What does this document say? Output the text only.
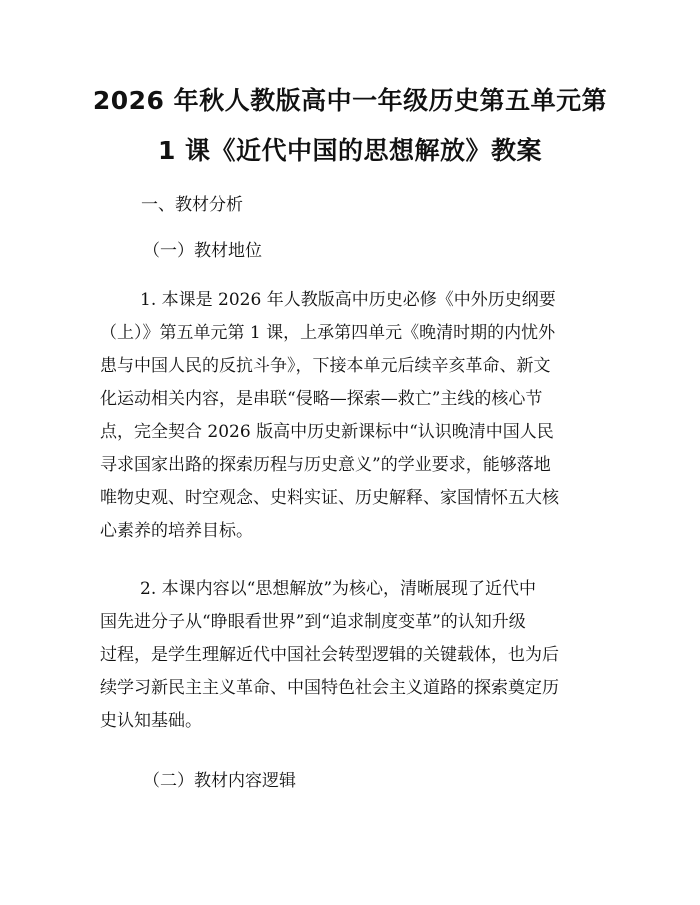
2026 年秋人教版高中一年级历史第五单元第
1 课《近代中国的思想解放》教案
一、教材分析
（一）教材地位
1. 本课是 2026 年人教版高中历史必修《中外历史纲要
（上）》第五单元第 1 课，上承第四单元《晚清时期的内忧外
患与中国人民的反抗斗争》，下接本单元后续辛亥革命、新文
化运动相关内容，是串联“侵略—探索—救亡”主线的核心节
点，完全契合 2026 版高中历史新课标中“认识晚清中国人民
寻求国家出路的探索历程与历史意义”的学业要求，能够落地
唯物史观、时空观念、史料实证、历史解释、家国情怀五大核
心素养的培养目标。
2. 本课内容以“思想解放”为核心，清晰展现了近代中
国先进分子从“睁眼看世界”到“追求制度变革”的认知升级
过程，是学生理解近代中国社会转型逻辑的关键载体，也为后
续学习新民主主义革命、中国特色社会主义道路的探索奠定历
史认知基础。
（二）教材内容逻辑
